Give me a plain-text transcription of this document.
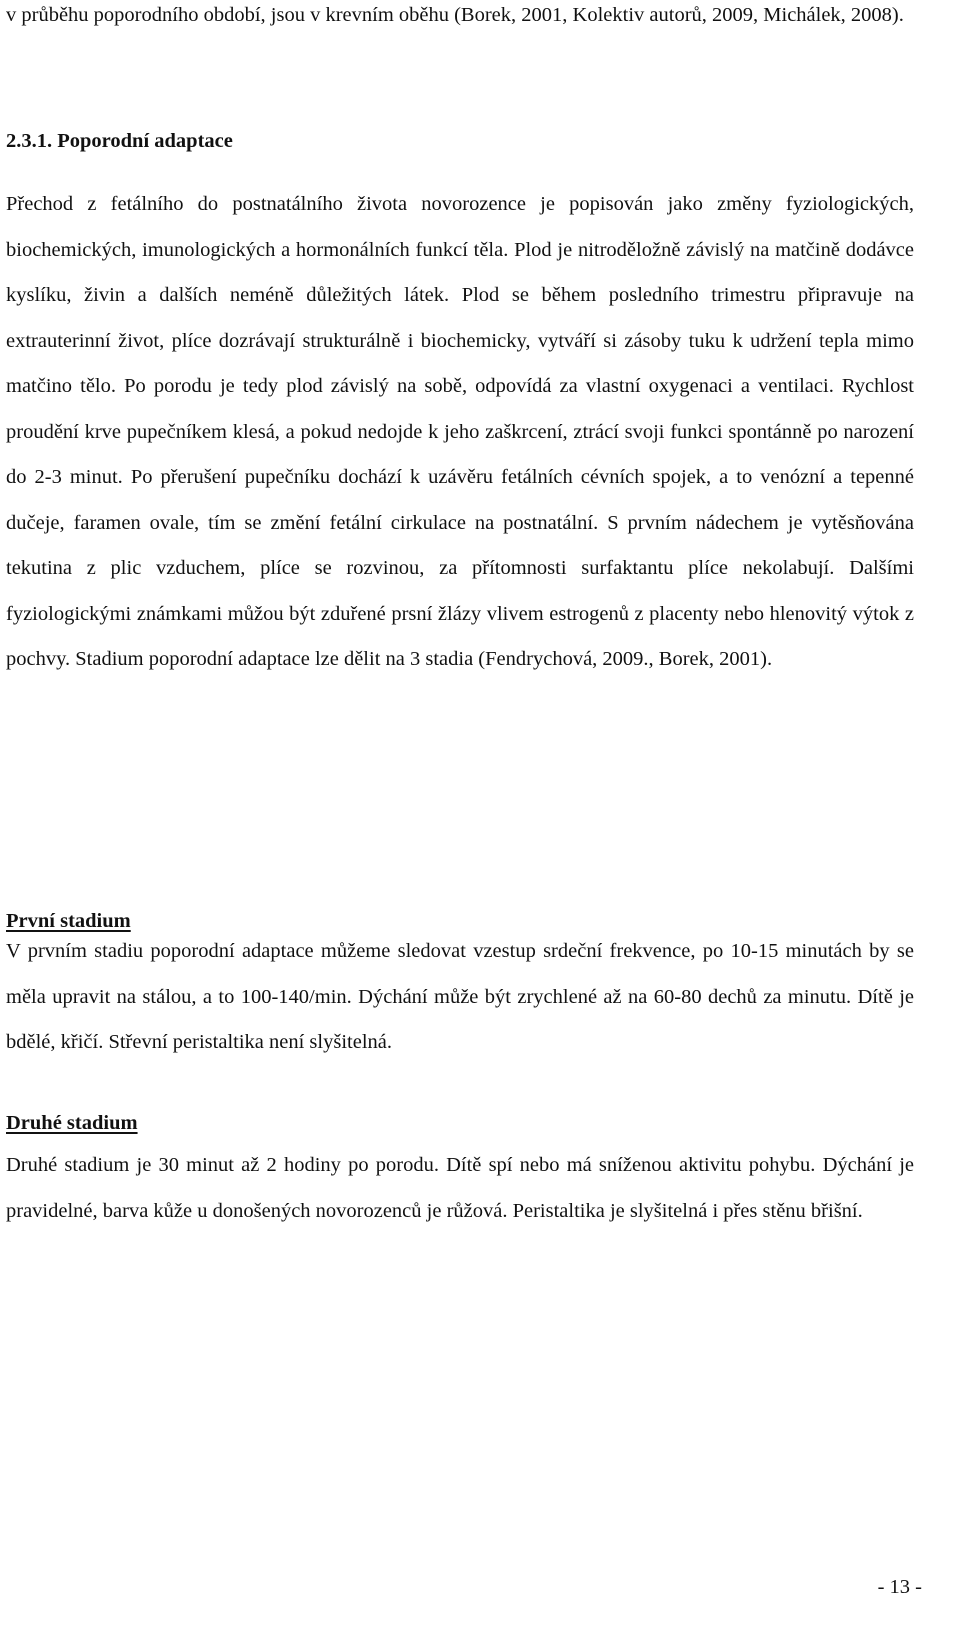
v průběhu poporodního období, jsou v krevním oběhu (Borek, 2001, Kolektiv autorů, 2009, Michálek, 2008).

2.3.1. Poporodní adaptace

Přechod z fetálního do postnatálního života novorozence je popisován jako změny fyziologických, biochemických, imunologických a hormonálních funkcí těla. Plod je nitroděložně závislý na matčině dodávce kyslíku, živin a dalších neméně důležitých látek. Plod se během posledního trimestru připravuje na extrauterinní život, plíce dozrávají strukturálně i biochemicky, vytváří si zásoby tuku k udržení tepla mimo matčino tělo. Po porodu je tedy plod závislý na sobě, odpovídá za vlastní oxygenaci a ventilaci. Rychlost proudění krve pupečníkem klesá, a pokud nedojde k jeho zaškrcení, ztrácí svoji funkci spontánně po narození do 2-3 minut. Po přerušení pupečníku dochází k uzávěru fetálních cévních spojek, a to venózní a tepenné dučeje, faramen ovale, tím se změní fetální cirkulace na postnatální. S prvním nádechem je vytěsňována tekutina z plic vzduchem, plíce se rozvinou, za přítomnosti surfaktantu plíce nekolabují. Dalšími fyziologickými známkami můžou být zduřené prsní žlázy vlivem estrogenů z placenty nebo hlenovitý výtok z pochvy. Stadium poporodní adaptace lze dělit na 3 stadia (Fendrychová, 2009., Borek, 2001).

První stadium

V prvním stadiu poporodní adaptace můžeme sledovat vzestup srdeční frekvence, po 10-15 minutách by se měla upravit na stálou, a to 100-140/min. Dýchání může být zrychlené až na 60-80 dechů za minutu. Dítě je bdělé, křičí. Střevní peristaltika není slyšitelná.

Druhé stadium

Druhé stadium je 30 minut až 2 hodiny po porodu. Dítě spí nebo má sníženou aktivitu pohybu. Dýchání je pravidelné, barva kůže u donošených novorozenců je růžová. Peristaltika je slyšitelná i přes stěnu břišní.

- 13 -
